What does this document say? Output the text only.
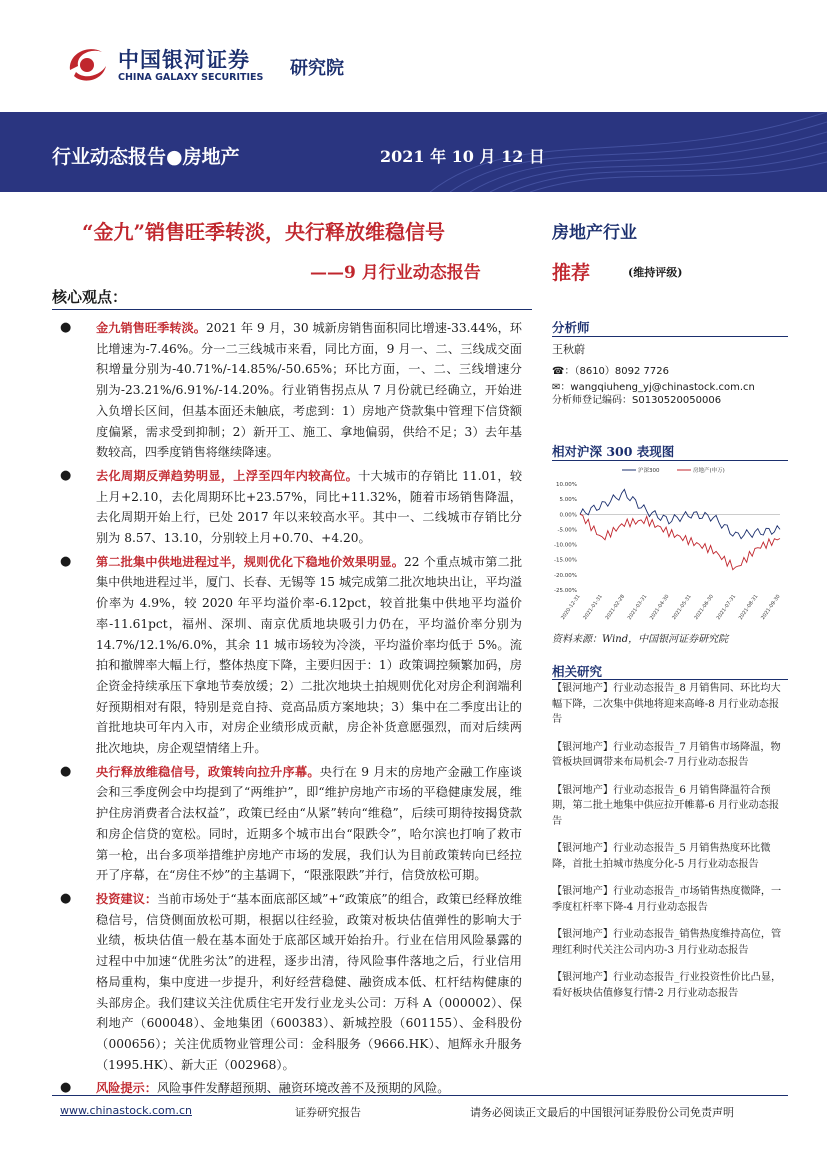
中国银河证券
CHINA GALAXY SECURITIES 研究院
行业动态报告●房地产	2021 年 10 月 12 日
“金九”销售旺季转淡，央行释放维稳信号
——9 月行业动态报告
核心观点：
● 金九销售旺季转淡。2021 年 9 月，30 城新房销售面积同比增速-33.44%，环比增速为-7.46%。分一二三线城市来看，同比方面，9 月一、二、三线成交面积增量分别为-40.71%/-14.85%/-50.65%；环比方面，一、二、三线增速分别为-23.21%/6.91%/-14.20%。行业销售拐点从 7 月份就已经确立，开始进入负增长区间，但基本面还未触底，考虑到：1）房地产贷款集中管理下信贷额度偏紧，需求受到抑制；2）新开工、施工、拿地偏弱，供给不足；3）去年基数较高，四季度销售将继续降速。
● 去化周期反弹趋势明显，上浮至四年内较高位。十大城市的存销比 11.01，较上月+2.10，去化周期环比+23.57%，同比+11.32%，随着市场销售降温，去化周期开始上行，已处 2017 年以来较高水平。其中一、二线城市存销比分别为 8.57、13.10，分别较上月+0.70、+4.20。
● 第二批集中供地进程过半，规则优化下稳地价效果明显。22 个重点城市第二批集中供地进程过半，厦门、长春、无锡等 15 城完成第二批次地块出让，平均溢价率为 4.9%，较 2020 年平均溢价率-6.12pct，较首批集中供地平均溢价率-11.61pct，福州、深圳、南京优质地块吸引力仍在，平均溢价率分别为 14.7%/12.1%/6.0%，其余 11 城市场较为冷淡，平均溢价率均低于 5%。流拍和撤牌率大幅上行，整体热度下降，主要归因于：1）政策调控频繁加码，房企资金持续承压下拿地节奏放缓；2）二批次地块土拍规则优化对房企利润端利好预期相对有限，特别是竞自持、竞高品质方案地块；3）集中在二季度出让的首批地块可年内入市，对房企业绩形成贡献，房企补货意愿强烈，而对后续两批次地块，房企观望情绪上升。
● 央行释放维稳信号，政策转向拉升序幕。央行在 9 月末的房地产金融工作座谈会和三季度例会中均提到了“两维护”，即“维护房地产市场的平稳健康发展，维护住房消费者合法权益”，政策已经由“从紧”转向“维稳”，后续可期待按揭贷款和房企信贷的宽松。同时，近期多个城市出台“限跌令”，哈尔滨也打响了救市第一枪，出台多项举措维护房地产市场的发展，我们认为目前政策转向已经拉开了序幕，在“房住不炒”的主基调下，“限涨限跌”并行，信贷放松可期。
● 投资建议：当前市场处于“基本面底部区域”+“政策底”的组合，政策已经释放维稳信号，信贷侧面放松可期，根据以往经验，政策对板块估值弹性的影响大于业绩，板块估值一般在基本面处于底部区域开始抬升。行业在信用风险暴露的过程中中加速“优胜劣汰”的进程，逐步出清，待风险事件落地之后，行业信用格局重构，集中度进一步提升，利好经营稳健、融资成本低、杠杆结构健康的头部房企。我们建议关注优质住宅开发行业龙头公司：万科 A（000002）、保利地产（600048）、金地集团（600383）、新城控股（601155）、金科股份（000656）；关注优质物业管理公司：金科服务（9666.HK）、旭辉永升服务（1995.HK）、新大正（002968）。
● 风险提示：风险事件发酵超预期、融资环境改善不及预期的风险。
房地产行业
推荐	(维持评级)
分析师
王秋蔚
☎：（8610）8092 7726
✉：wangqiuheng_yj@chinastock.com.cn
分析师登记编码：S0130520050006
相对沪深 300 表现图
10.00%
5.00%
0.00%
-5.00%
-10.00%
-15.00%
-20.00%
-25.00%
2020-12-31 2021-01-31 2021-02-28 2021-03-31 2021-04-30 2021-05-31 2021-06-30 2021-07-31 2021-08-31 2021-09-30
沪深300	房地产(申万)
资料来源：Wind，中国银河证券研究院
相关研究
【银河地产】行业动态报告_8 月销售同、环比均大幅下降，二次集中供地将迎来高峰-8 月行业动态报告
【银河地产】行业动态报告_7 月销售市场降温，物管板块回调带来布局机会-7 月行业动态报告
【银河地产】行业动态报告_6 月销售降温符合预期，第二批土地集中供应拉开帷幕-6 月行业动态报告
【银河地产】行业动态报告_5 月销售热度环比微降，首批土拍城市热度分化-5 月行业动态报告
【银河地产】行业动态报告_市场销售热度微降，一季度杠杆率下降-4 月行业动态报告
【银河地产】行业动态报告_销售热度维持高位，管理红利时代关注公司内功-3 月行业动态报告
【银河地产】行业动态报告_行业投资性价比凸显，看好板块估值修复行情-2 月行业动态报告
www.chinastock.com.cn	证券研究报告	请务必阅读正文最后的中国银河证券股份公司免责声明
